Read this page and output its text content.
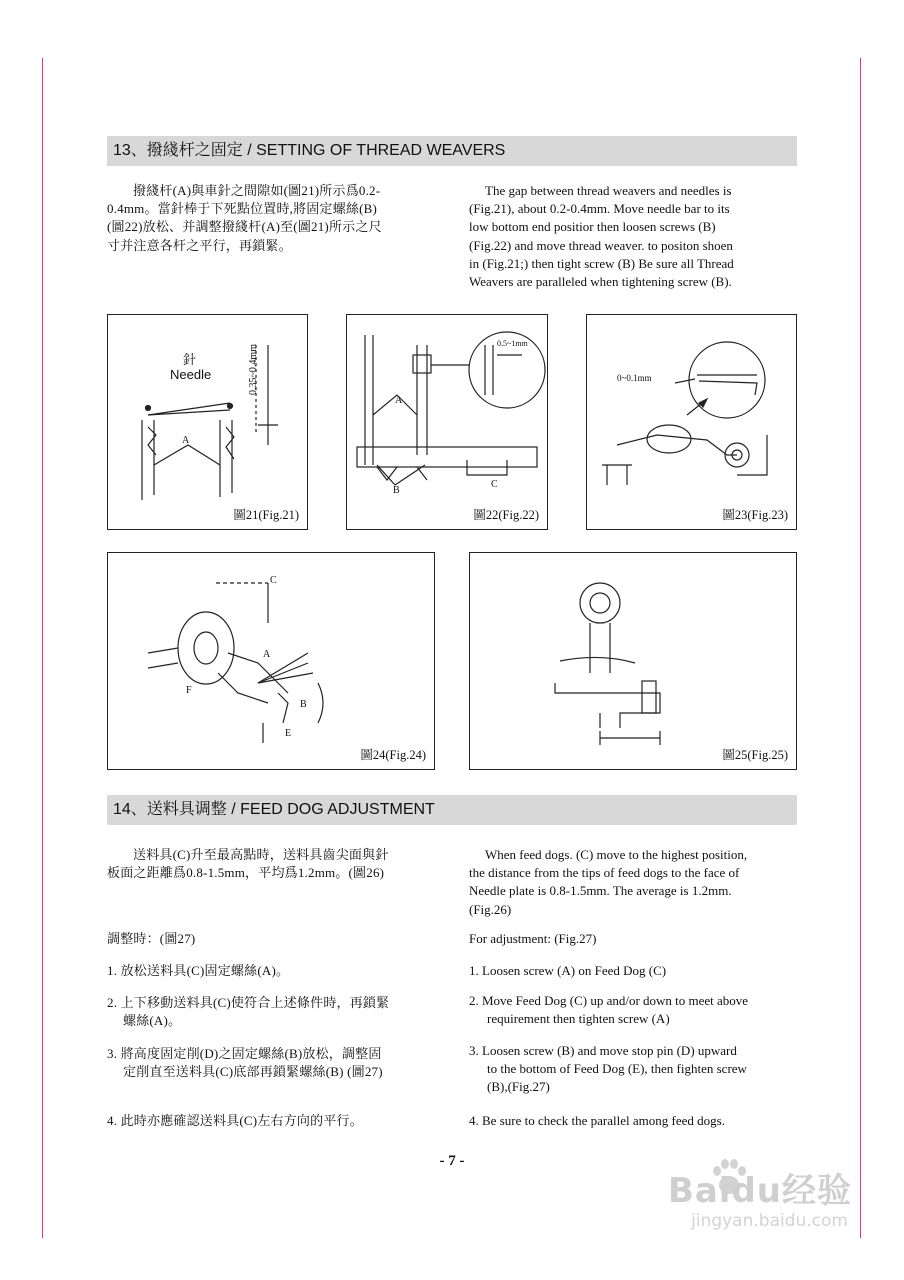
13、撥綫杆之固定 / SETTING OF THREAD WEAVERS
撥綫杆(A)與車針之間隙如(圖21)所示爲0.2-
0.4mm。當針棒于下死點位置時,將固定螺絲(B)
(圖22)放松、并調整撥綫杆(A)至(圖21)所示之尺
寸并注意各杆之平行，再鎖緊。
The gap between thread weavers and needles is
(Fig.21), about 0.2-0.4mm. Move needle bar to its
low bottom end positior then loosen screws (B)
(Fig.22) and move thread weaver. to positon shoen
in (Fig.21;) then tight screw (B) Be sure all Thread
Weavers are paralleled when tightening screw (B).
針
Needle	0.35~0.4mm
A
圖21(Fig.21)
0.5~1mm
A
B
C
圖22(Fig.22)
0~0.1mm
圖23(Fig.23)
C
A
B
E
F
圖24(Fig.24)	圖25(Fig.25)
14、送料具调整 / FEED DOG ADJUSTMENT
送料具(C)升至最高點時，送料具齒尖面與針
板面之距離爲0.8-1.5mm，平均爲1.2mm。(圖26)
When feed dogs. (C) move to the highest position,
the distance from the tips of feed dogs to the face of
Needle plate is 0.8-1.5mm. The average is 1.2mm.
(Fig.26)
調整時：(圖27)	For adjustment: (Fig.27)
1. 放松送料具(C)固定螺絲(A)。
2. 上下移動送料具(C)使符合上述條件時，再鎖緊
螺絲(A)。
3. 將高度固定削(D)之固定螺絲(B)放松，調整固
定削直至送料具(C)底部再鎖緊螺絲(B) (圖27)
4. 此時亦應確認送料具(C)左右方向的平行。
1. Loosen screw (A) on Feed Dog (C)
2. Move Feed Dog (C) up and/or down to meet above
requirement then tighten screw (A)
3. Loosen screw (B) and move stop pin (D) upward
to the bottom of Feed Dog (E), then fighten screw
(B),(Fig.27)
4. Be sure to check the parallel among feed dogs.
- 7 -
Baidu经验
jingyan.baidu.com
